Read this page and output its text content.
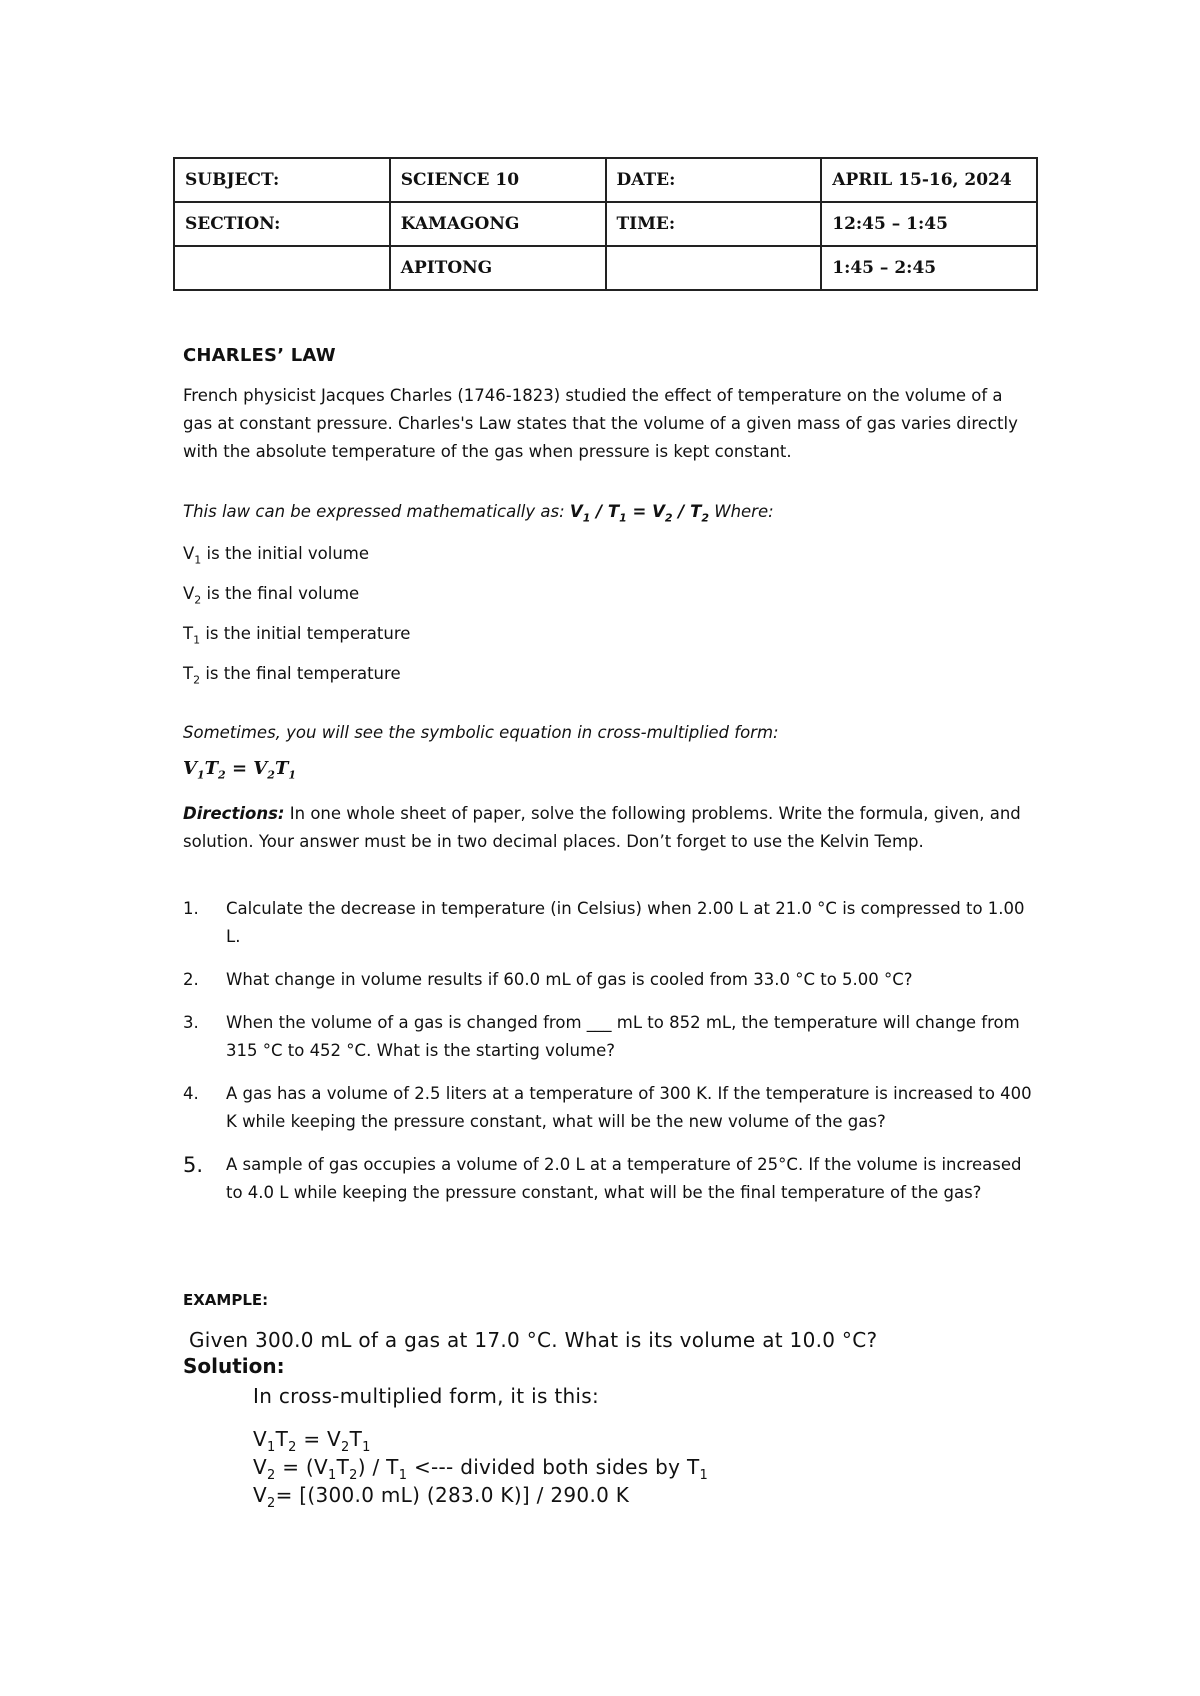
SUBJECT:	SCIENCE 10	DATE:	APRIL 15-16, 2024
SECTION:	KAMAGONG	TIME:	12:45 – 1:45
	APITONG		1:45 – 2:45
CHARLES’ LAW
French physicist Jacques Charles (1746-1823) studied the effect of temperature on the volume of a gas at constant pressure. Charles's Law states that the volume of a given mass of gas varies directly with the absolute temperature of the gas when pressure is kept constant.
This law can be expressed mathematically as: $V_1 / T_1 = V_2 / T_2$ Where:
$V_1$ is the initial volume
$V_2$ is the final volume
$T_1$ is the initial temperature
$T_2$ is the final temperature
Sometimes, you will see the symbolic equation in cross-multiplied form:
$V_1T_2 = V_2T_1$
Directions: In one whole sheet of paper, solve the following problems. Write the formula, given, and solution. Your answer must be in two decimal places. Don’t forget to use the Kelvin Temp.
1. Calculate the decrease in temperature (in Celsius) when 2.00 L at 21.0 °C is compressed to 1.00 L.
2. What change in volume results if 60.0 mL of gas is cooled from 33.0 °C to 5.00 °C?
3. When the volume of a gas is changed from ___ mL to 852 mL, the temperature will change from 315 °C to 452 °C. What is the starting volume?
4. A gas has a volume of 2.5 liters at a temperature of 300 K. If the temperature is increased to 400 K while keeping the pressure constant, what will be the new volume of the gas?
5. A sample of gas occupies a volume of 2.0 L at a temperature of 25°C. If the volume is increased to 4.0 L while keeping the pressure constant, what will be the final temperature of the gas?
EXAMPLE:
Given 300.0 mL of a gas at 17.0 °C. What is its volume at 10.0 °C?
Solution:
In cross-multiplied form, it is this:
$V_1T_2 = V_2T_1$
$V_2 = (V_1T_2) / T_1$ <--- divided both sides by $T_1$
$V_2= [(300.0$ mL) (283.0 K)] / 290.0 K
